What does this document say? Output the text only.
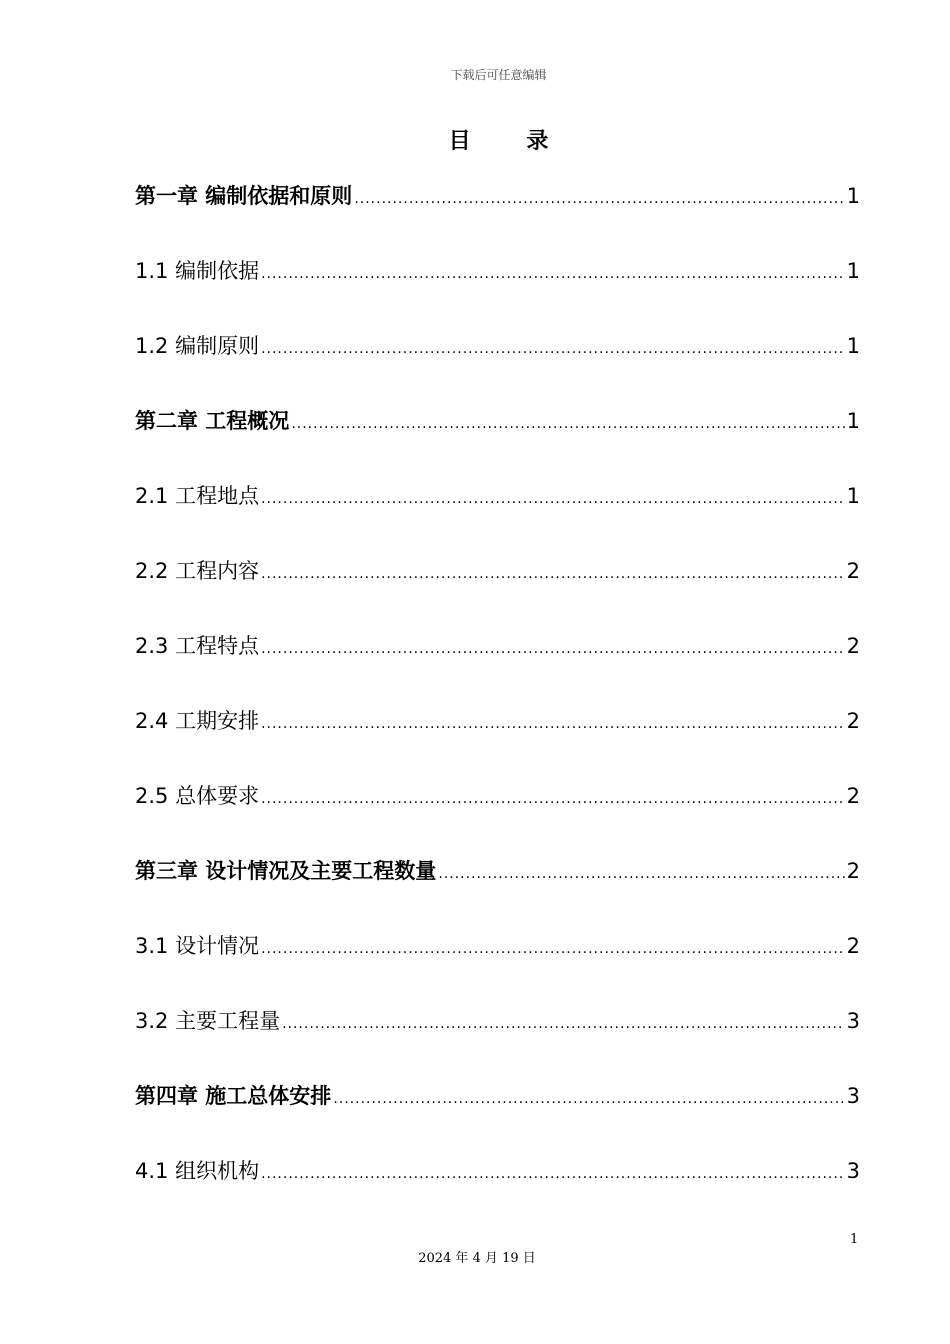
下载后可任意编辑
目 录
第一章 编制依据和原则 .....	1
1.1 编制依据 .....	1
1.2 编制原则 .....	1
第二章 工程概况 .....	1
2.1 工程地点 .....	1
2.2 工程内容 .....	2
2.3 工程特点 .....	2
2.4 工期安排 .....	2
2.5 总体要求 .....	2
第三章 设计情况及主要工程数量 .....	2
3.1 设计情况 .....	2
3.2 主要工程量 .....	3
第四章 施工总体安排 .....	3
4.1 组织机构 .....	3
1
2024 年 4 月 19 日
